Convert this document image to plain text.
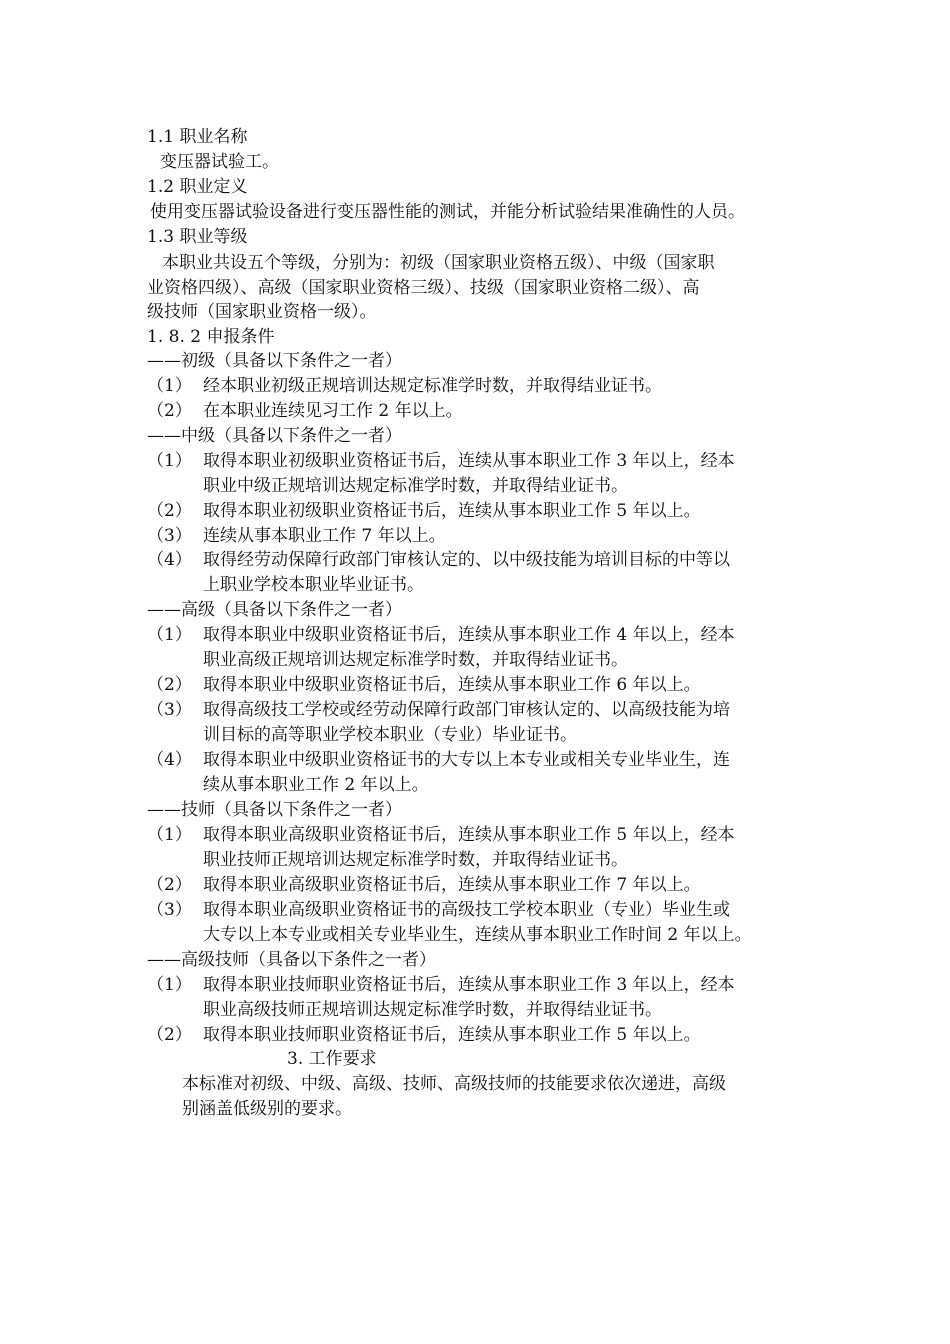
1.1 职业名称
变压器试验工。
1.2 职业定义
使用变压器试验设备进行变压器性能的测试，并能分析试验结果准确性的人员。
1.3 职业等级
本职业共设五个等级，分别为：初级（国家职业资格五级）、中级（国家职
业资格四级）、高级（国家职业资格三级）、技级（国家职业资格二级）、高
级技师（国家职业资格一级）。
1. 8. 2 申报条件
——初级（具备以下条件之一者）
（1） 经本职业初级正规培训达规定标准学时数，并取得结业证书。
（2） 在本职业连续见习工作 2 年以上。
——中级（具备以下条件之一者）
（1） 取得本职业初级职业资格证书后，连续从事本职业工作 3 年以上，经本
职业中级正规培训达规定标准学时数，并取得结业证书。
（2） 取得本职业初级职业资格证书后，连续从事本职业工作 5 年以上。
（3） 连续从事本职业工作 7 年以上。
（4） 取得经劳动保障行政部门审核认定的、以中级技能为培训目标的中等以
上职业学校本职业毕业证书。
——高级（具备以下条件之一者）
（1） 取得本职业中级职业资格证书后，连续从事本职业工作 4 年以上，经本
职业高级正规培训达规定标准学时数，并取得结业证书。
（2） 取得本职业中级职业资格证书后，连续从事本职业工作 6 年以上。
（3） 取得高级技工学校或经劳动保障行政部门审核认定的、以高级技能为培
训目标的高等职业学校本职业（专业）毕业证书。
（4） 取得本职业中级职业资格证书的大专以上本专业或相关专业毕业生，连
续从事本职业工作 2 年以上。
——技师（具备以下条件之一者）
（1） 取得本职业高级职业资格证书后，连续从事本职业工作 5 年以上，经本
职业技师正规培训达规定标准学时数，并取得结业证书。
（2） 取得本职业高级职业资格证书后，连续从事本职业工作 7 年以上。
（3） 取得本职业高级职业资格证书的高级技工学校本职业（专业）毕业生或
大专以上本专业或相关专业毕业生，连续从事本职业工作时间 2 年以上。
——高级技师（具备以下条件之一者）
（1） 取得本职业技师职业资格证书后，连续从事本职业工作 3 年以上，经本
职业高级技师正规培训达规定标准学时数，并取得结业证书。
（2） 取得本职业技师职业资格证书后，连续从事本职业工作 5 年以上。
3. 工作要求
本标准对初级、中级、高级、技师、高级技师的技能要求依次递进，高级
别涵盖低级别的要求。
